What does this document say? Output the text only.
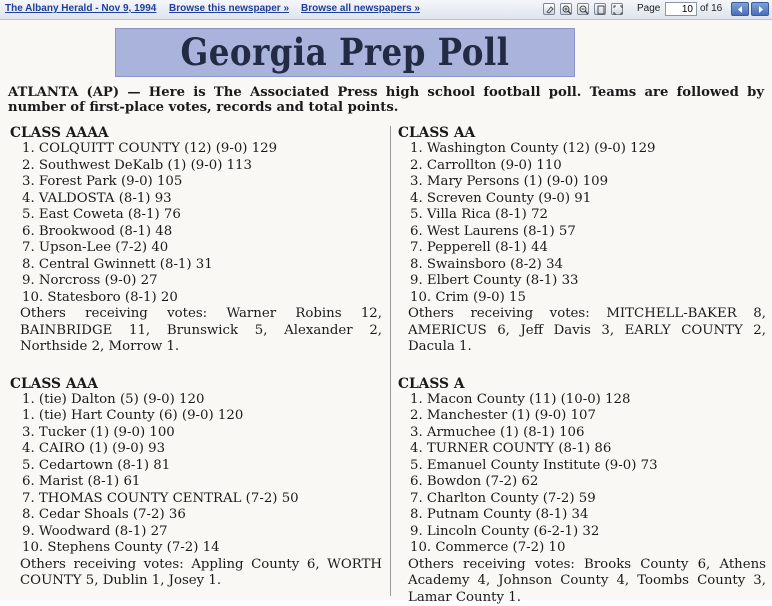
The Albany Herald - Nov 9, 1994 Browse this newspaper » Browse all newspapers »	Page
10	of 16
Georgia Prep Poll
ATLANTA (AP) — Here is The Associated Press high school football poll. Teams are followed by number of first-place votes, records and total points.
CLASS AAAA
1. COLQUITT COUNTY (12) (9-0) 129
2. Southwest DeKalb (1) (9-0) 113
3. Forest Park (9-0) 105
4. VALDOSTA (8-1) 93
5. East Coweta (8-1) 76
6. Brookwood (8-1) 48
7. Upson-Lee (7-2) 40
8. Central Gwinnett (8-1) 31
9. Norcross (9-0) 27
10. Statesboro (8-1) 20
Others receiving votes: Warner Robins 12, BAINBRIDGE 11, Brunswick 5, Alexander 2, Northside 2, Morrow 1.
CLASS AAA
1. (tie) Dalton (5) (9-0) 120
1. (tie) Hart County (6) (9-0) 120
3. Tucker (1) (9-0) 100
4. CAIRO (1) (9-0) 93
5. Cedartown (8-1) 81
6. Marist (8-1) 61
7. THOMAS COUNTY CENTRAL (7-2) 50
8. Cedar Shoals (7-2) 36
9. Woodward (8-1) 27
10. Stephens County (7-2) 14
Others receiving votes: Appling County 6, WORTH COUNTY 5, Dublin 1, Josey 1.
CLASS AA
1. Washington County (12) (9-0) 129
2. Carrollton (9-0) 110
3. Mary Persons (1) (9-0) 109
4. Screven County (9-0) 91
5. Villa Rica (8-1) 72
6. West Laurens (8-1) 57
7. Pepperell (8-1) 44
8. Swainsboro (8-2) 34
9. Elbert County (8-1) 33
10. Crim (9-0) 15
Others receiving votes: MITCHELL-BAKER 8, AMERICUS 6, Jeff Davis 3, EARLY COUNTY 2, Dacula 1.
CLASS A
1. Macon County (11) (10-0) 128
2. Manchester (1) (9-0) 107
3. Armuchee (1) (8-1) 106
4. TURNER COUNTY (8-1) 86
5. Emanuel County Institute (9-0) 73
6. Bowdon (7-2) 62
7. Charlton County (7-2) 59
8. Putnam County (8-1) 34
9. Lincoln County (6-2-1) 32
10. Commerce (7-2) 10
Others receiving votes: Brooks County 6, Athens Academy 4, Johnson County 4, Toombs County 3, Lamar County 1.
